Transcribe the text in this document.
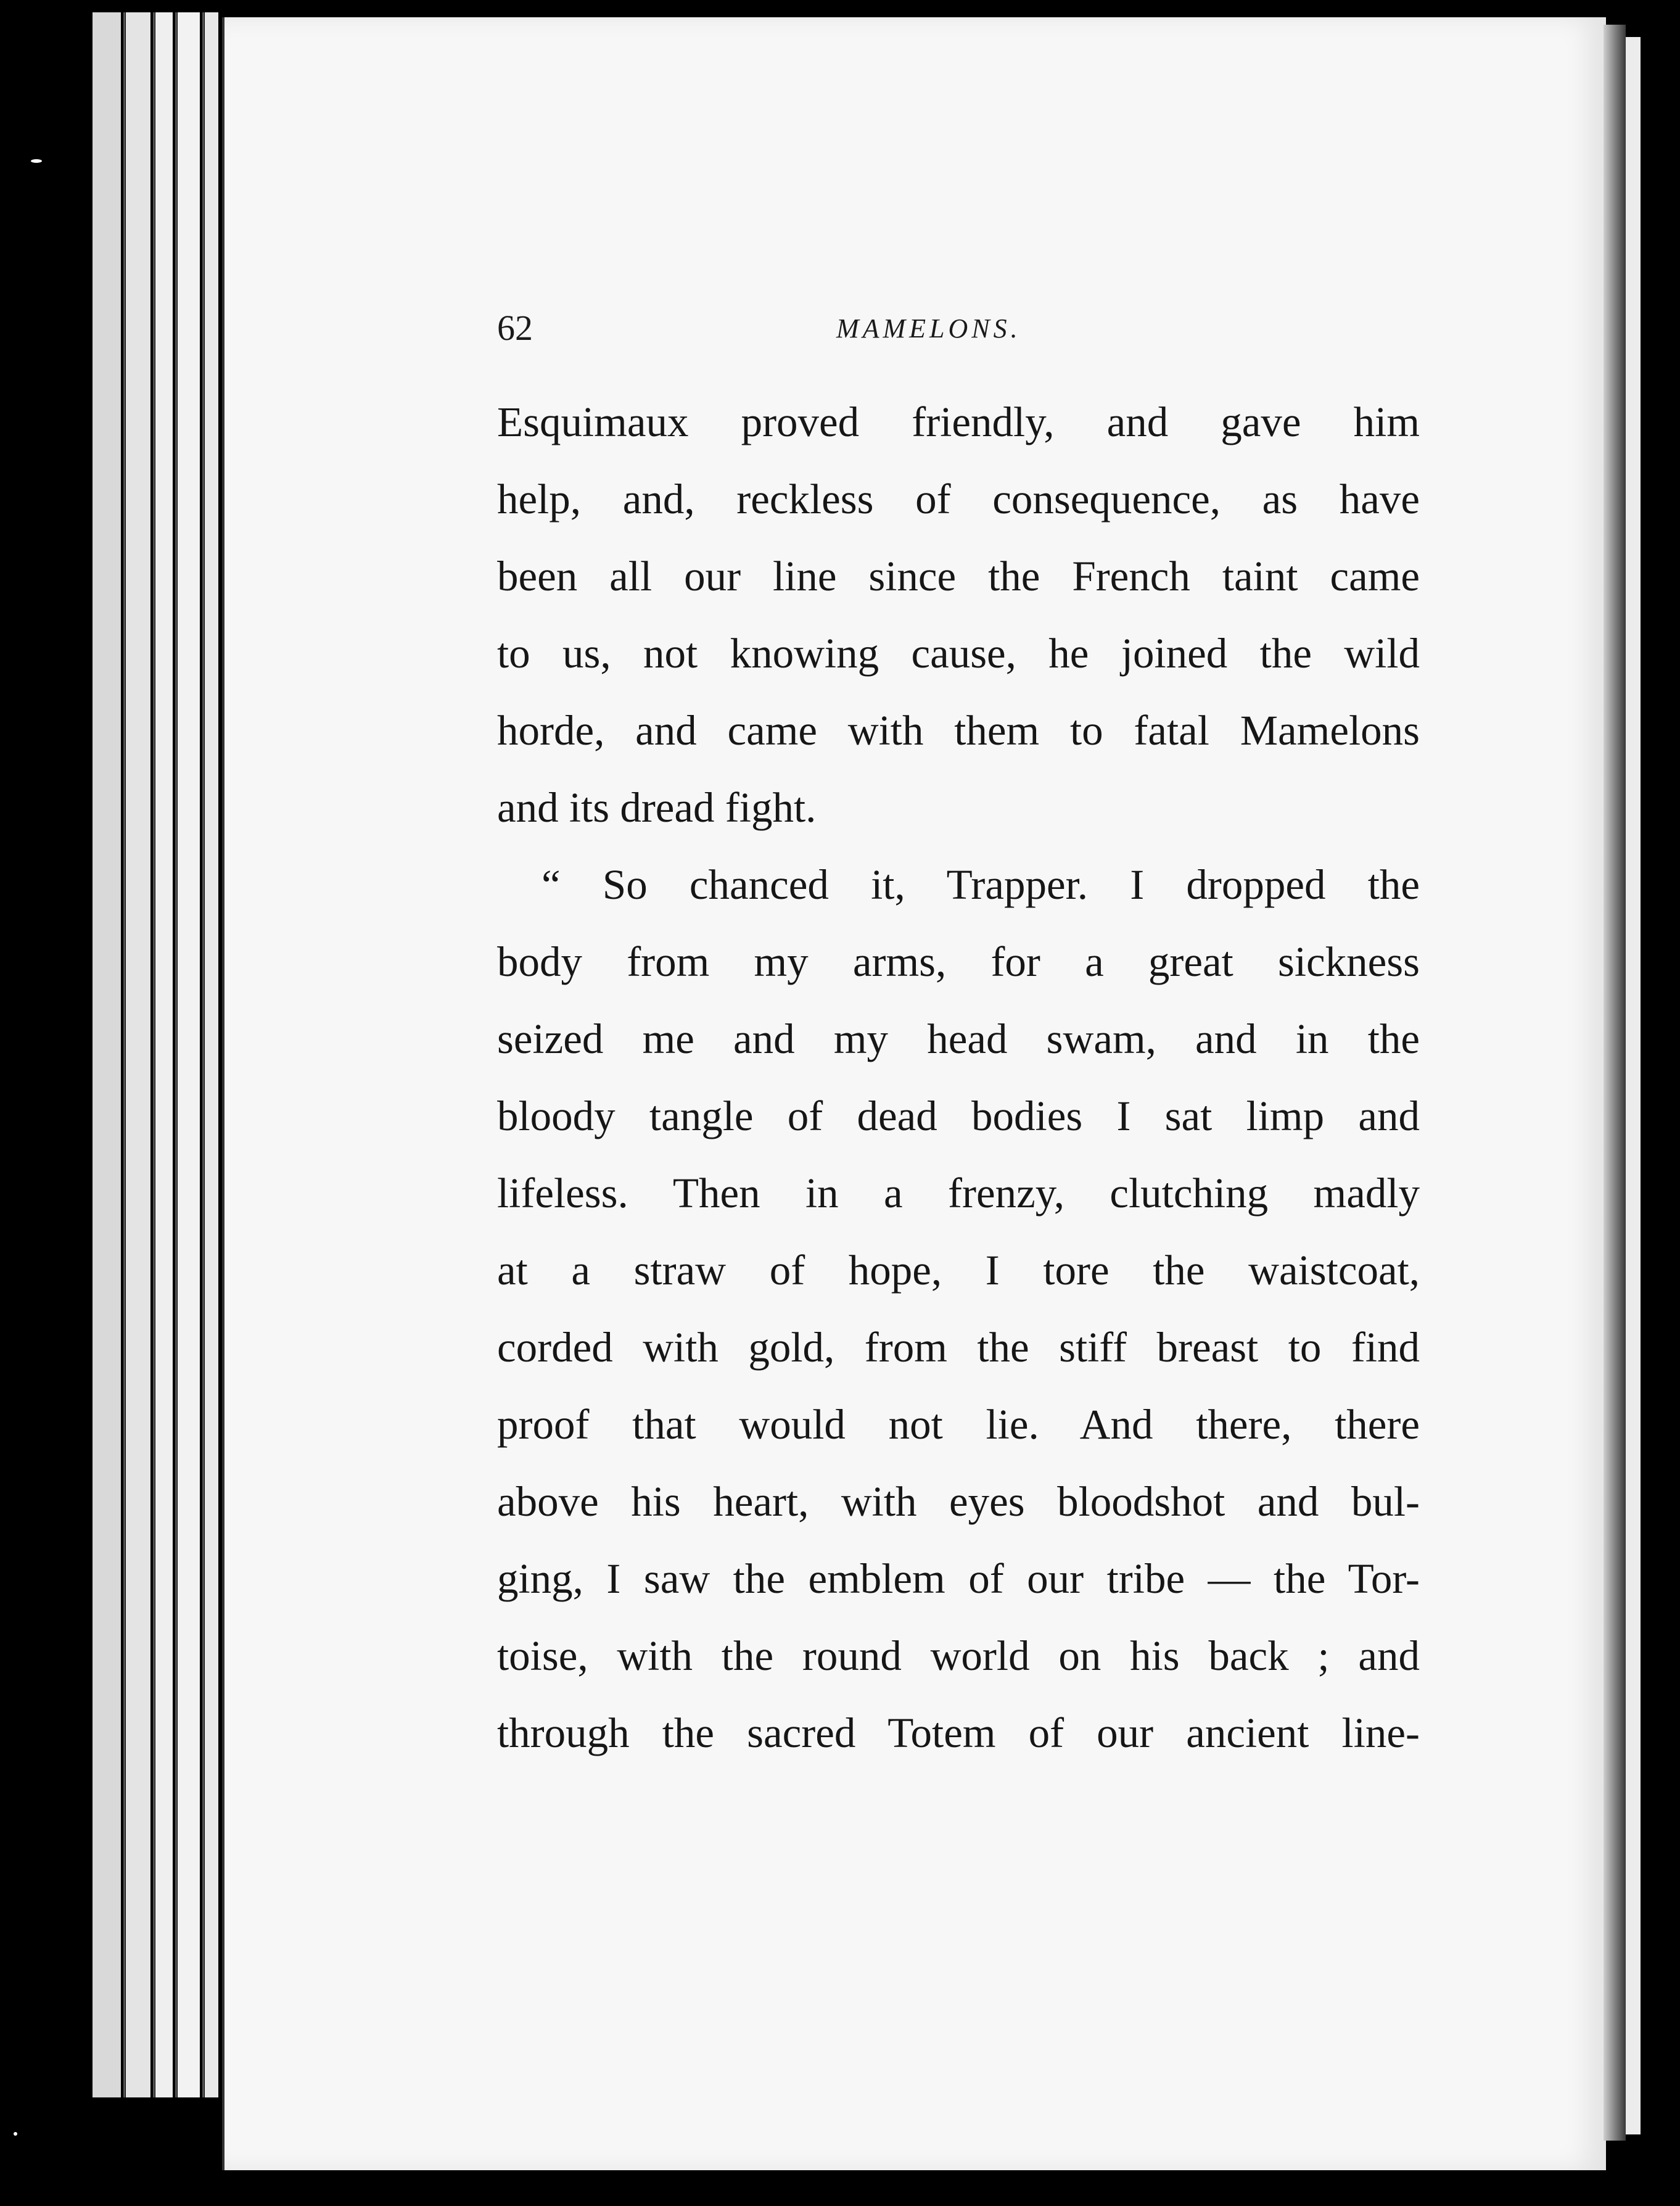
62	MAMELONS.
Esquimaux proved friendly, and gave him
help, and, reckless of consequence, as have
been all our line since the French taint came
to us, not knowing cause, he joined the wild
horde, and came with them to fatal Mamelons
and its dread fight.
“ So chanced it, Trapper. I dropped the
body from my arms, for a great sickness
seized me and my head swam, and in the
bloody tangle of dead bodies I sat limp and
lifeless. Then in a frenzy, clutching madly
at a straw of hope, I tore the waistcoat,
corded with gold, from the stiff breast to find
proof that would not lie. And there, there
above his heart, with eyes bloodshot and bul-
ging, I saw the emblem of our tribe — the Tor-
toise, with the round world on his back ; and
through the sacred Totem of our ancient line-
